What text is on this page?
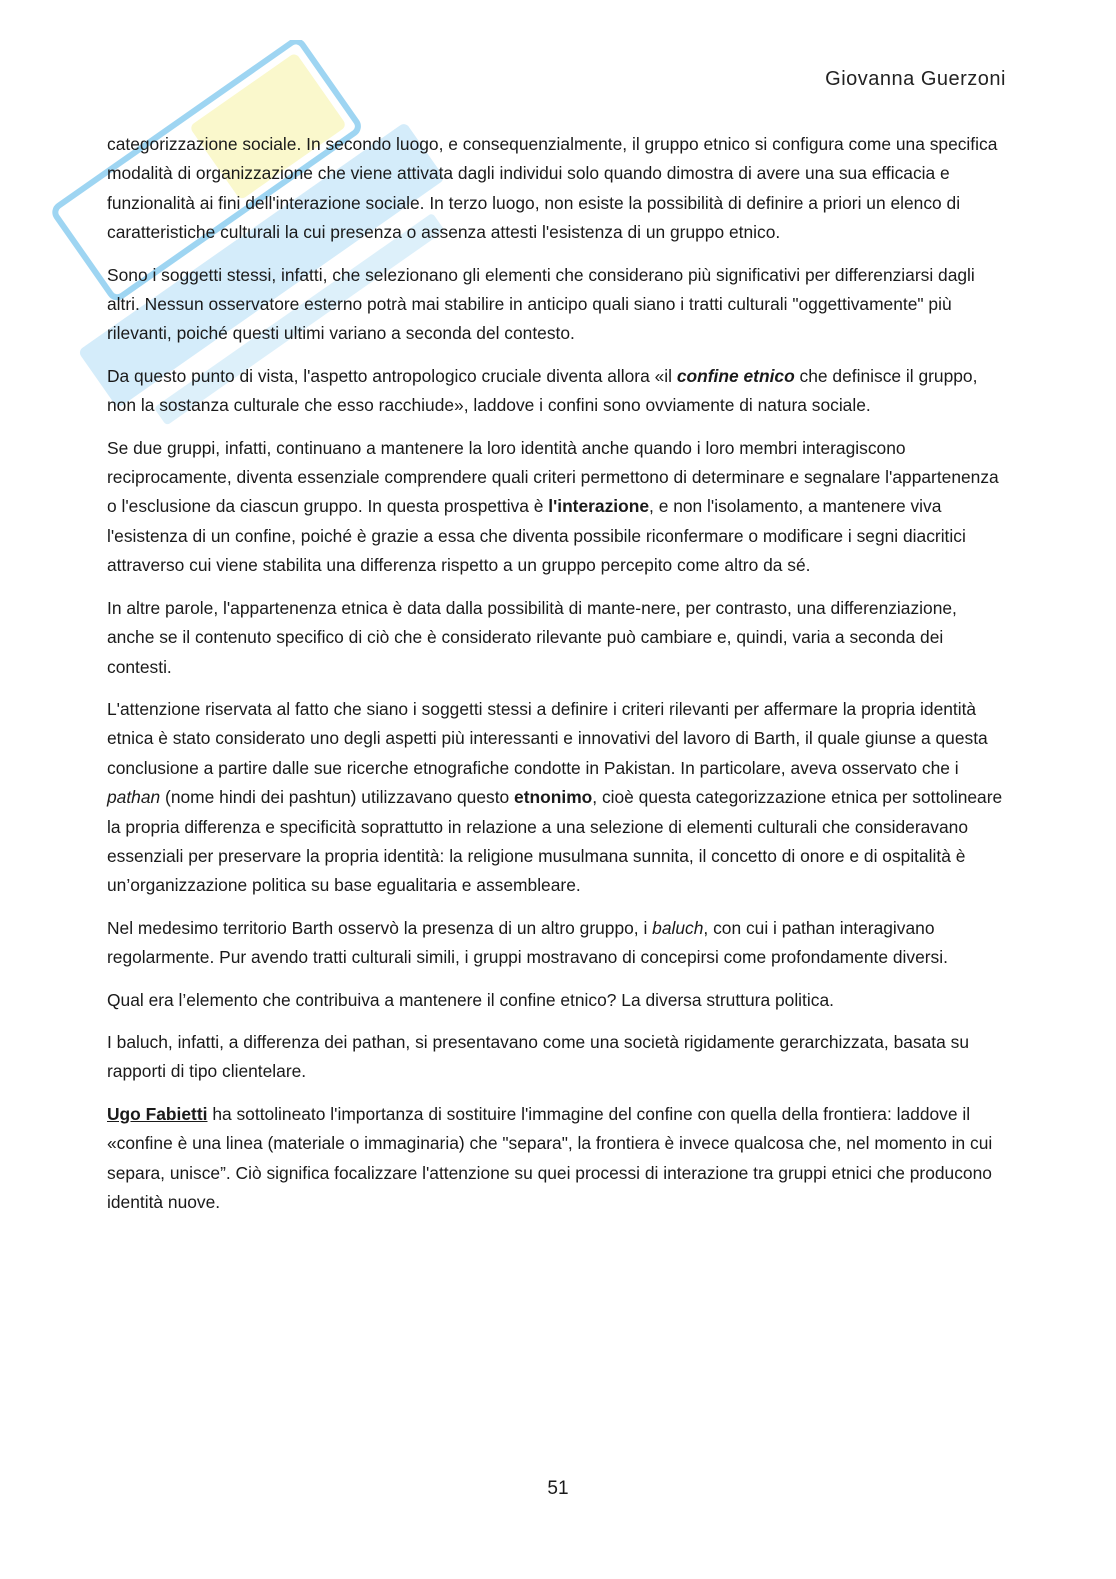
Giovanna Guerzoni

categorizzazione sociale. In secondo luogo, e consequenzialmente, il gruppo etnico si configura come una specifica modalità di organizzazione che viene attivata dagli individui solo quando dimostra di avere una sua efficacia e funzionalità ai fini dell'interazione sociale. In terzo luogo, non esiste la possibilità di definire a priori un elenco di caratteristiche culturali la cui presenza o assenza attesti l'esistenza di un gruppo etnico.

Sono i soggetti stessi, infatti, che selezionano gli elementi che considerano più significativi per differenziarsi dagli altri. Nessun osservatore esterno potrà mai stabilire in anticipo quali siano i tratti culturali "oggettivamente" più rilevanti, poiché questi ultimi variano a seconda del contesto.

Da questo punto di vista, l'aspetto antropologico cruciale diventa allora «il confine etnico che definisce il gruppo, non la sostanza culturale che esso racchiude», laddove i confini sono ovviamente di natura sociale.

Se due gruppi, infatti, continuano a mantenere la loro identità anche quando i loro membri interagiscono reciprocamente, diventa essenziale comprendere quali criteri permettono di determinare e segnalare l'appartenenza o l'esclusione da ciascun gruppo. In questa prospettiva è l'interazione, e non l'isolamento, a mantenere viva l'esistenza di un confine, poiché è grazie a essa che diventa possibile riconfermare o modificare i segni diacritici attraverso cui viene stabilita una differenza rispetto a un gruppo percepito come altro da sé.

In altre parole, l'appartenenza etnica è data dalla possibilità di mante-nere, per contrasto, una differenziazione, anche se il contenuto specifico di ciò che è considerato rilevante può cambiare e, quindi, varia a seconda dei contesti.

L'attenzione riservata al fatto che siano i soggetti stessi a definire i criteri rilevanti per affermare la propria identità etnica è stato considerato uno degli aspetti più interessanti e innovativi del lavoro di Barth, il quale giunse a questa conclusione a partire dalle sue ricerche etnografiche condotte in Pakistan. In particolare, aveva osservato che i pathan (nome hindi dei pashtun) utilizzavano questo etnonimo, cioè questa categorizzazione etnica per sottolineare la propria differenza e specificità soprattutto in relazione a una selezione di elementi culturali che consideravano essenziali per preservare la propria identità: la religione musulmana sunnita, il concetto di onore e di ospitalità è un’organizzazione politica su base egualitaria e assembleare.

Nel medesimo territorio Barth osservò la presenza di un altro gruppo, i baluch, con cui i pathan interagivano regolarmente. Pur avendo tratti culturali simili, i gruppi mostravano di concepirsi come profondamente diversi.

Qual era l’elemento che contribuiva a mantenere il confine etnico? La diversa struttura politica.

I baluch, infatti, a differenza dei pathan, si presentavano come una società rigidamente gerarchizzata, basata su rapporti di tipo clientelare.

Ugo Fabietti ha sottolineato l'importanza di sostituire l'immagine del confine con quella della frontiera: laddove il «confine è una linea (materiale o immaginaria) che "separa", la frontiera è invece qualcosa che, nel momento in cui separa, unisce”. Ciò significa focalizzare l'attenzione su quei processi di interazione tra gruppi etnici che producono identità nuove.

51
